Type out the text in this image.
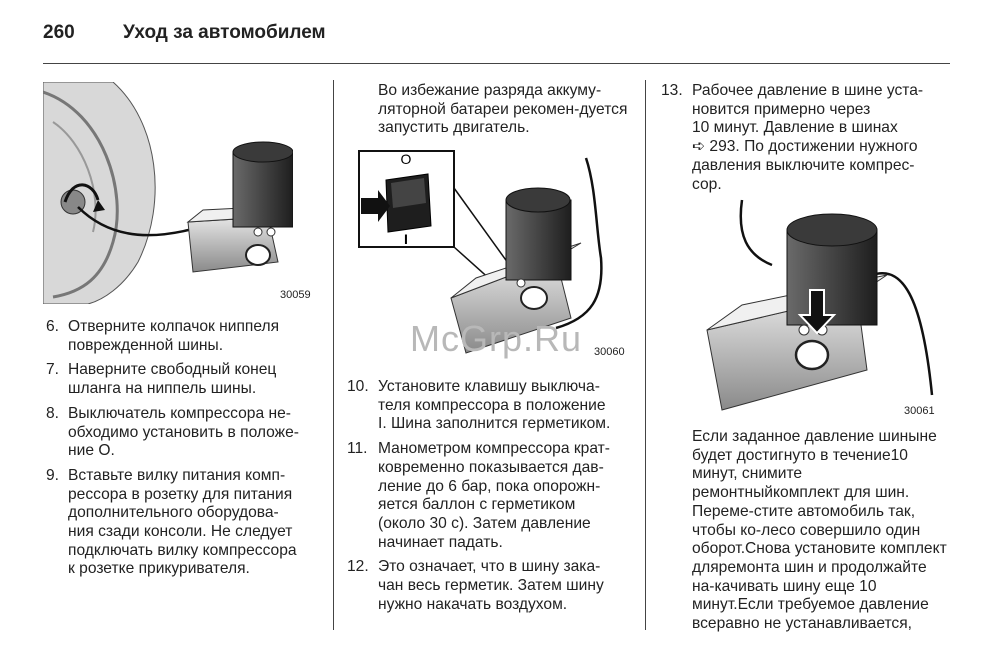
260	Уход за автомобилем
30059
O
I
30060
30061
McGrp.Ru
6. Отверните колпачок ниппеля
поврежденной шины.
7. Наверните свободный конец
шланга на ниппель шины.
8. Выключатель компрессора не-
обходимо установить в положе-
ние O.
9. Вставьте вилку питания комп-
рессора в розетку для питания
дополнительного оборудова-
ния сзади консоли. Не следует
подключать вилку компрессора
к розетке прикуривателя.

Во избежание разряда аккуму-ляторной батареи рекомен-дуется запустить двигатель.

10. Установите клавишу выключа-
теля компрессора в положение
I. Шина заполнится герметиком.
11. Манометром компрессора крат-
ковременно показывается дав-
ление до 6 бар, пока опорожн-
яется баллон с герметиком
(около 30 с). Затем давление
начинает падать.
12. Это означает, что в шину зака-
чан весь герметик. Затем шину
нужно накачать воздухом.
13. Рабочее давление в шине уста-
новится примерно через
10 минут. Давление в шинах
➪ 293. По достижении нужного
давления выключите компрес-
сор.

Если заданное давление шиныне будет достигнуто в течение10 минут, снимите ремонтныйкомплект для шин. Переме-стите автомобиль так, чтобы ко-лесо совершило один оборот.Снова установите комплект дляремонта шин и продолжайте на-качивать шину еще 10 минут.Если требуемое давление всеравно не устанавливается,
